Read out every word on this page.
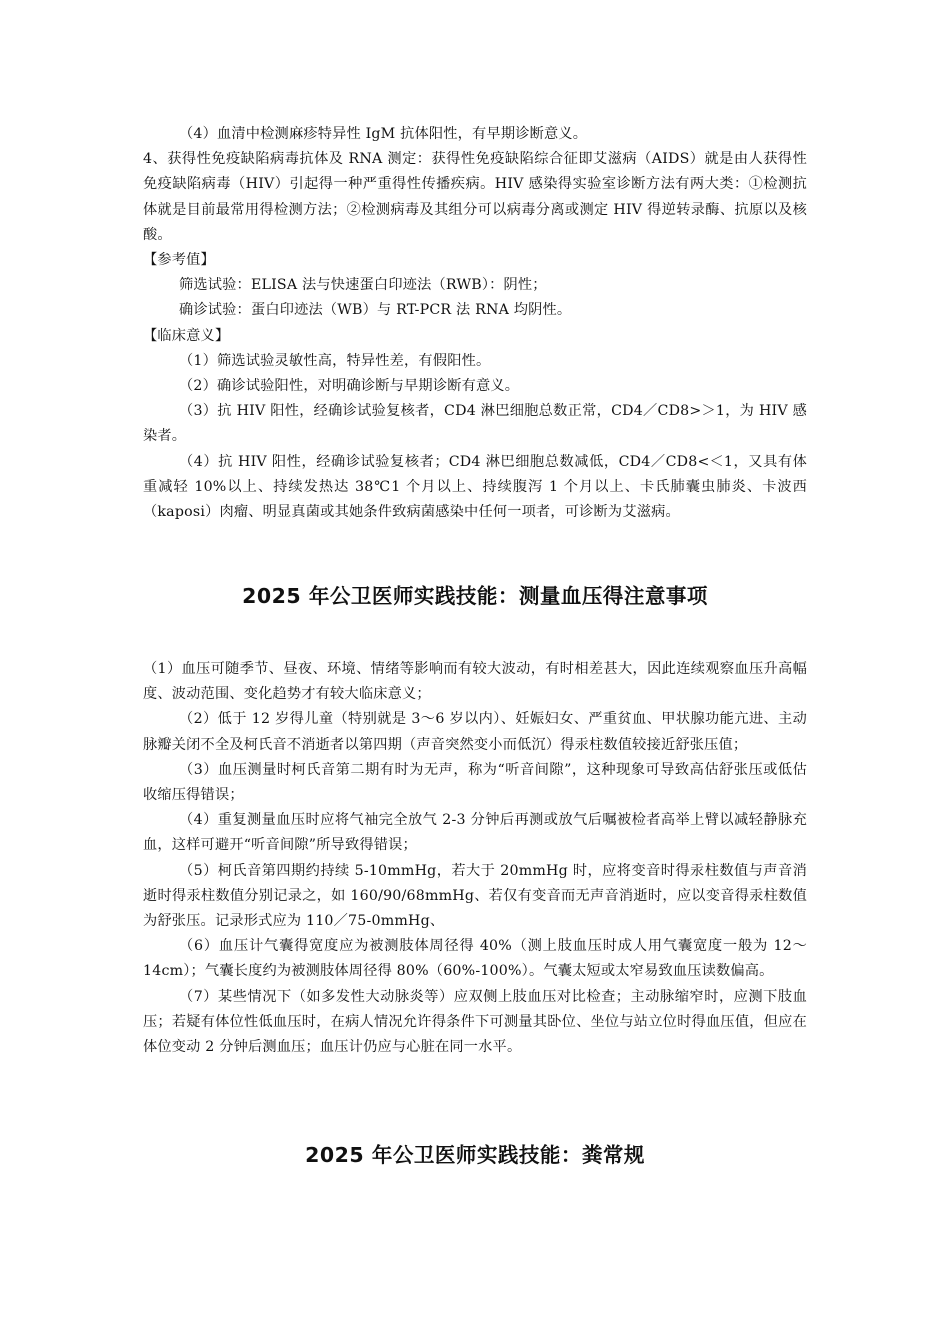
（4）血清中检测麻疹特异性 IgM 抗体阳性，有早期诊断意义。

4、获得性免疫缺陷病毒抗体及 RNA 测定：获得性免疫缺陷综合征即艾滋病（AIDS）就是由人获得性免疫缺陷病毒（HIV）引起得一种严重得性传播疾病。HIV 感染得实验室诊断方法有两大类：①检测抗体就是目前最常用得检测方法；②检测病毒及其组分可以病毒分离或测定 HIV 得逆转录酶、抗原以及核酸。

【参考值】

筛选试验：ELISA 法与快速蛋白印迹法（RWB）：阴性；

确诊试验：蛋白印迹法（WB）与 RT-PCR 法 RNA 均阴性。

【临床意义】

（1）筛选试验灵敏性高，特异性差，有假阳性。

（2）确诊试验阳性，对明确诊断与早期诊断有意义。

（3）抗 HIV 阳性，经确诊试验复核者，CD4 淋巴细胞总数正常，CD4／CD8>＞1，为 HIV 感染者。

（4）抗 HIV 阳性，经确诊试验复核者；CD4 淋巴细胞总数减低，CD4／CD8<＜1，又具有体重减轻 10%以上、持续发热达 38℃1 个月以上、持续腹泻 1 个月以上、卡氏肺囊虫肺炎、卡波西（kaposi）肉瘤、明显真菌或其她条件致病菌感染中任何一项者，可诊断为艾滋病。

2025 年公卫医师实践技能：测量血压得注意事项

（1）血压可随季节、昼夜、环境、情绪等影响而有较大波动，有时相差甚大，因此连续观察血压升高幅度、波动范围、变化趋势才有较大临床意义；

（2）低于 12 岁得儿童（特别就是 3～6 岁以内）、妊娠妇女、严重贫血、甲状腺功能亢进、主动脉瓣关闭不全及柯氏音不消逝者以第四期（声音突然变小而低沉）得汞柱数值较接近舒张压值；

（3）血压测量时柯氏音第二期有时为无声，称为“听音间隙”，这种现象可导致高估舒张压或低估收缩压得错误；

（4）重复测量血压时应将气袖完全放气 2-3 分钟后再测或放气后嘱被检者高举上臂以减轻静脉充血，这样可避开“听音间隙”所导致得错误；

（5）柯氏音第四期约持续 5-10mmHg，若大于 20mmHg 时，应将变音时得汞柱数值与声音消逝时得汞柱数值分别记录之，如 160/90/68mmHg、若仅有变音而无声音消逝时，应以变音得汞柱数值为舒张压。记录形式应为 110／75-0mmHg、

（6）血压计气囊得宽度应为被测肢体周径得 40%（测上肢血压时成人用气囊宽度一般为 12～14cm）；气囊长度约为被测肢体周径得 80%（60%-100%）。气囊太短或太窄易致血压读数偏高。

（7）某些情况下（如多发性大动脉炎等）应双侧上肢血压对比检查；主动脉缩窄时，应测下肢血压；若疑有体位性低血压时，在病人情况允许得条件下可测量其卧位、坐位与站立位时得血压值，但应在体位变动 2 分钟后测血压；血压计仍应与心脏在同一水平。

2025 年公卫医师实践技能：粪常规
